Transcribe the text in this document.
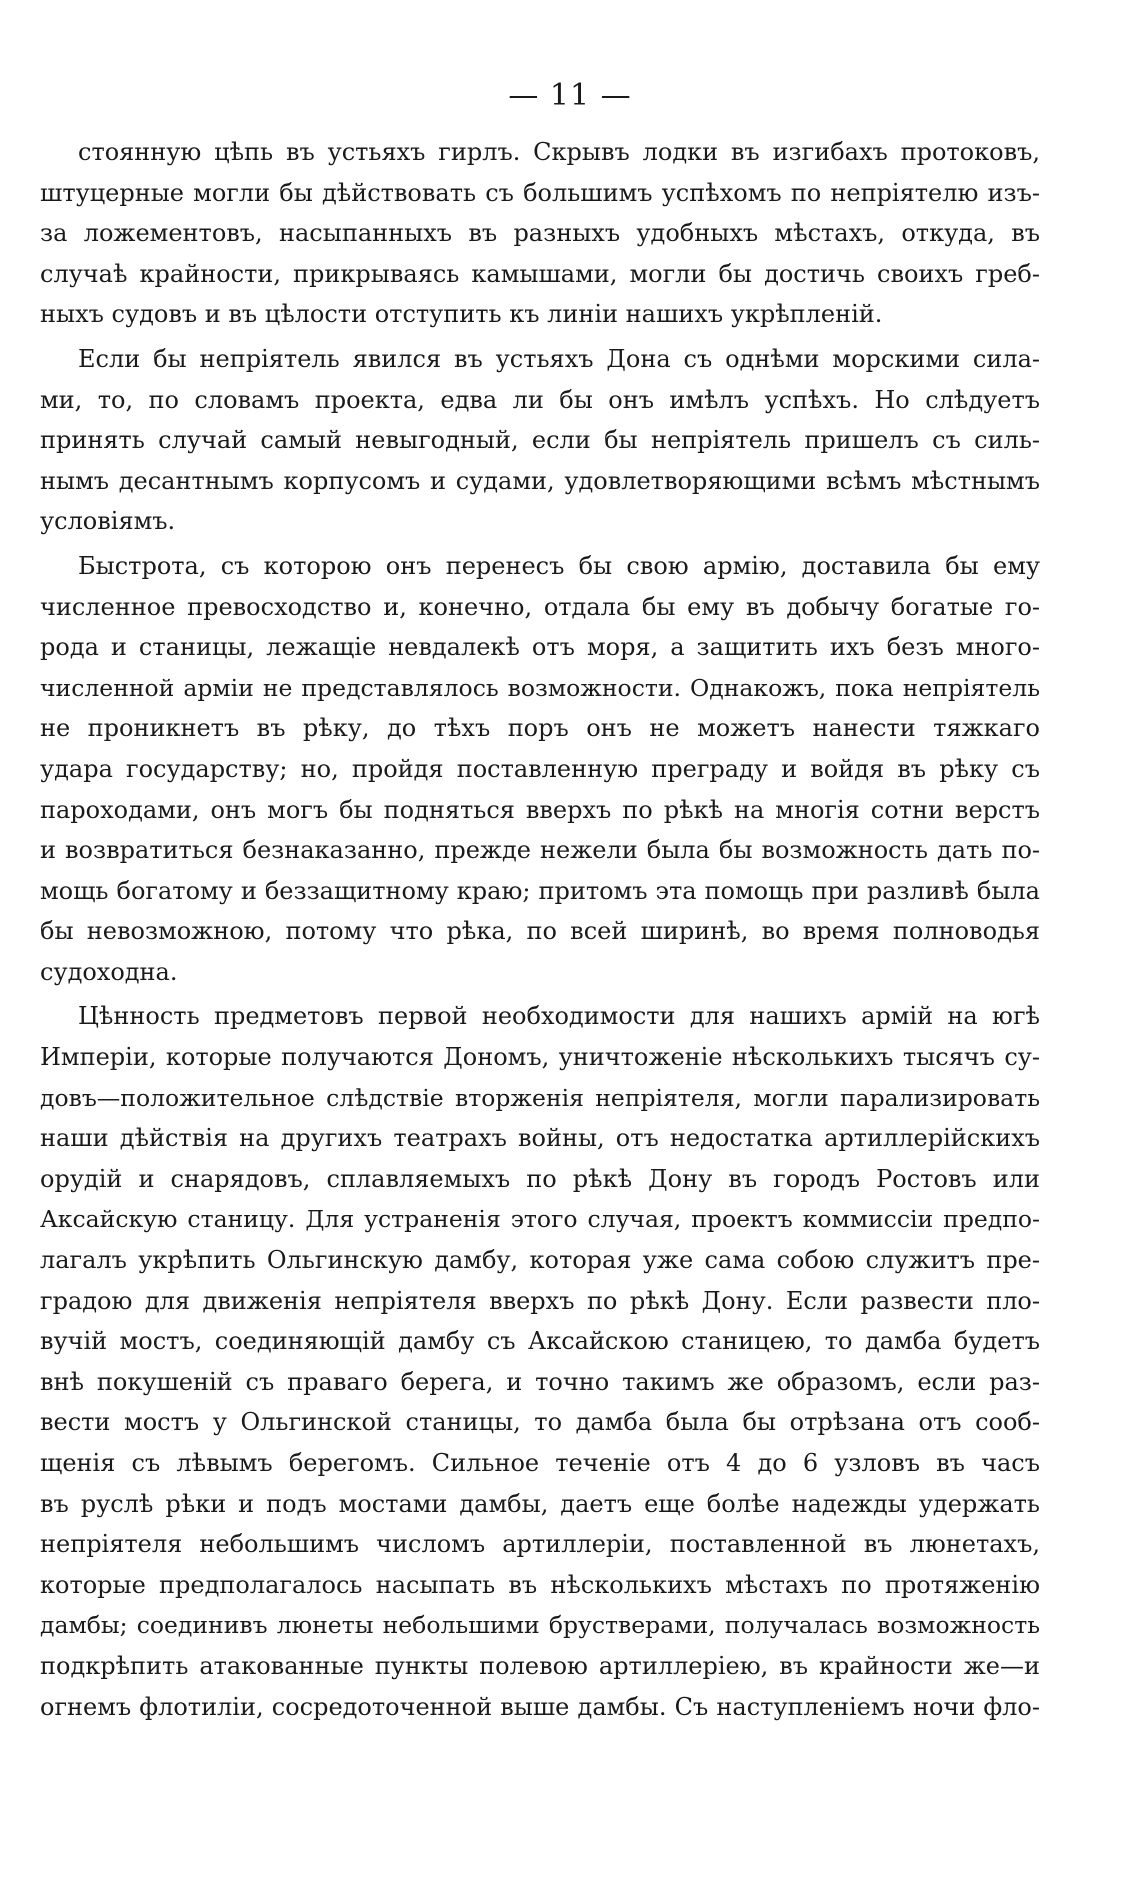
— 11 —
стоянную цѣпь въ устьяхъ гирлъ. Скрывъ лодки въ изгибахъ протоковъ,
штуцерные могли бы дѣйствовать съ большимъ успѣхомъ по непріятелю изъ-
за ложементовъ, насыпанныхъ въ разныхъ удобныхъ мѣстахъ, откуда, въ
случаѣ крайности, прикрываясь камышами, могли бы достичь своихъ греб-
ныхъ судовъ и въ цѣлости отступить къ линіи нашихъ укрѣпленій.
Если бы непріятель явился въ устьяхъ Дона съ однѣми морскими сила-
ми, то, по словамъ проекта, едва ли бы онъ имѣлъ успѣхъ. Но слѣдуетъ
принять случай самый невыгодный, если бы непріятель пришелъ съ силь-
нымъ десантнымъ корпусомъ и судами, удовлетворяющими всѣмъ мѣстнымъ
условіямъ.
Быстрота, съ которою онъ перенесъ бы свою армію, доставила бы ему
численное превосходство и, конечно, отдала бы ему въ добычу богатые го-
рода и станицы, лежащіе невдалекѣ отъ моря, а защитить ихъ безъ много-
численной арміи не представлялось возможности. Однакожъ, пока непріятель
не проникнетъ въ рѣку, до тѣхъ поръ онъ не можетъ нанести тяжкаго
удара государству; но, пройдя поставленную преграду и войдя въ рѣку съ
пароходами, онъ могъ бы подняться вверхъ по рѣкѣ на многія сотни верстъ
и возвратиться безнаказанно, прежде нежели была бы возможность дать по-
мощь богатому и беззащитному краю; притомъ эта помощь при разливѣ была
бы невозможною, потому что рѣка, по всей ширинѣ, во время полноводья
судоходна.
Цѣнность предметовъ первой необходимости для нашихъ армій на югѣ
Имперіи, которые получаются Дономъ, уничтоженіе нѣсколькихъ тысячъ су-
довъ—положительное слѣдствіе вторженія непріятеля, могли парализировать
наши дѣйствія на другихъ театрахъ войны, отъ недостатка артиллерійскихъ
орудій и снарядовъ, сплавляемыхъ по рѣкѣ Дону въ городъ Ростовъ или
Аксайскую станицу. Для устраненія этого случая, проектъ коммиссіи предпо-
лагалъ укрѣпить Ольгинскую дамбу, которая уже сама собою служитъ пре-
градою для движенія непріятеля вверхъ по рѣкѣ Дону. Если развести пло-
вучій мостъ, соединяющій дамбу съ Аксайскою станицею, то дамба будетъ
внѣ покушеній съ праваго берега, и точно такимъ же образомъ, если раз-
вести мостъ у Ольгинской станицы, то дамба была бы отрѣзана отъ сооб-
щенія съ лѣвымъ берегомъ. Сильное теченіе отъ 4 до 6 узловъ въ часъ
въ руслѣ рѣки и подъ мостами дамбы, даетъ еще болѣе надежды удержать
непріятеля небольшимъ числомъ артиллеріи, поставленной въ люнетахъ,
которые предполагалось насыпать въ нѣсколькихъ мѣстахъ по протяженію
дамбы; соединивъ люнеты небольшими брустверами, получалась возможность
подкрѣпить атакованные пункты полевою артиллеріею, въ крайности же—и
огнемъ флотиліи, сосредоточенной выше дамбы. Съ наступленіемъ ночи фло-
